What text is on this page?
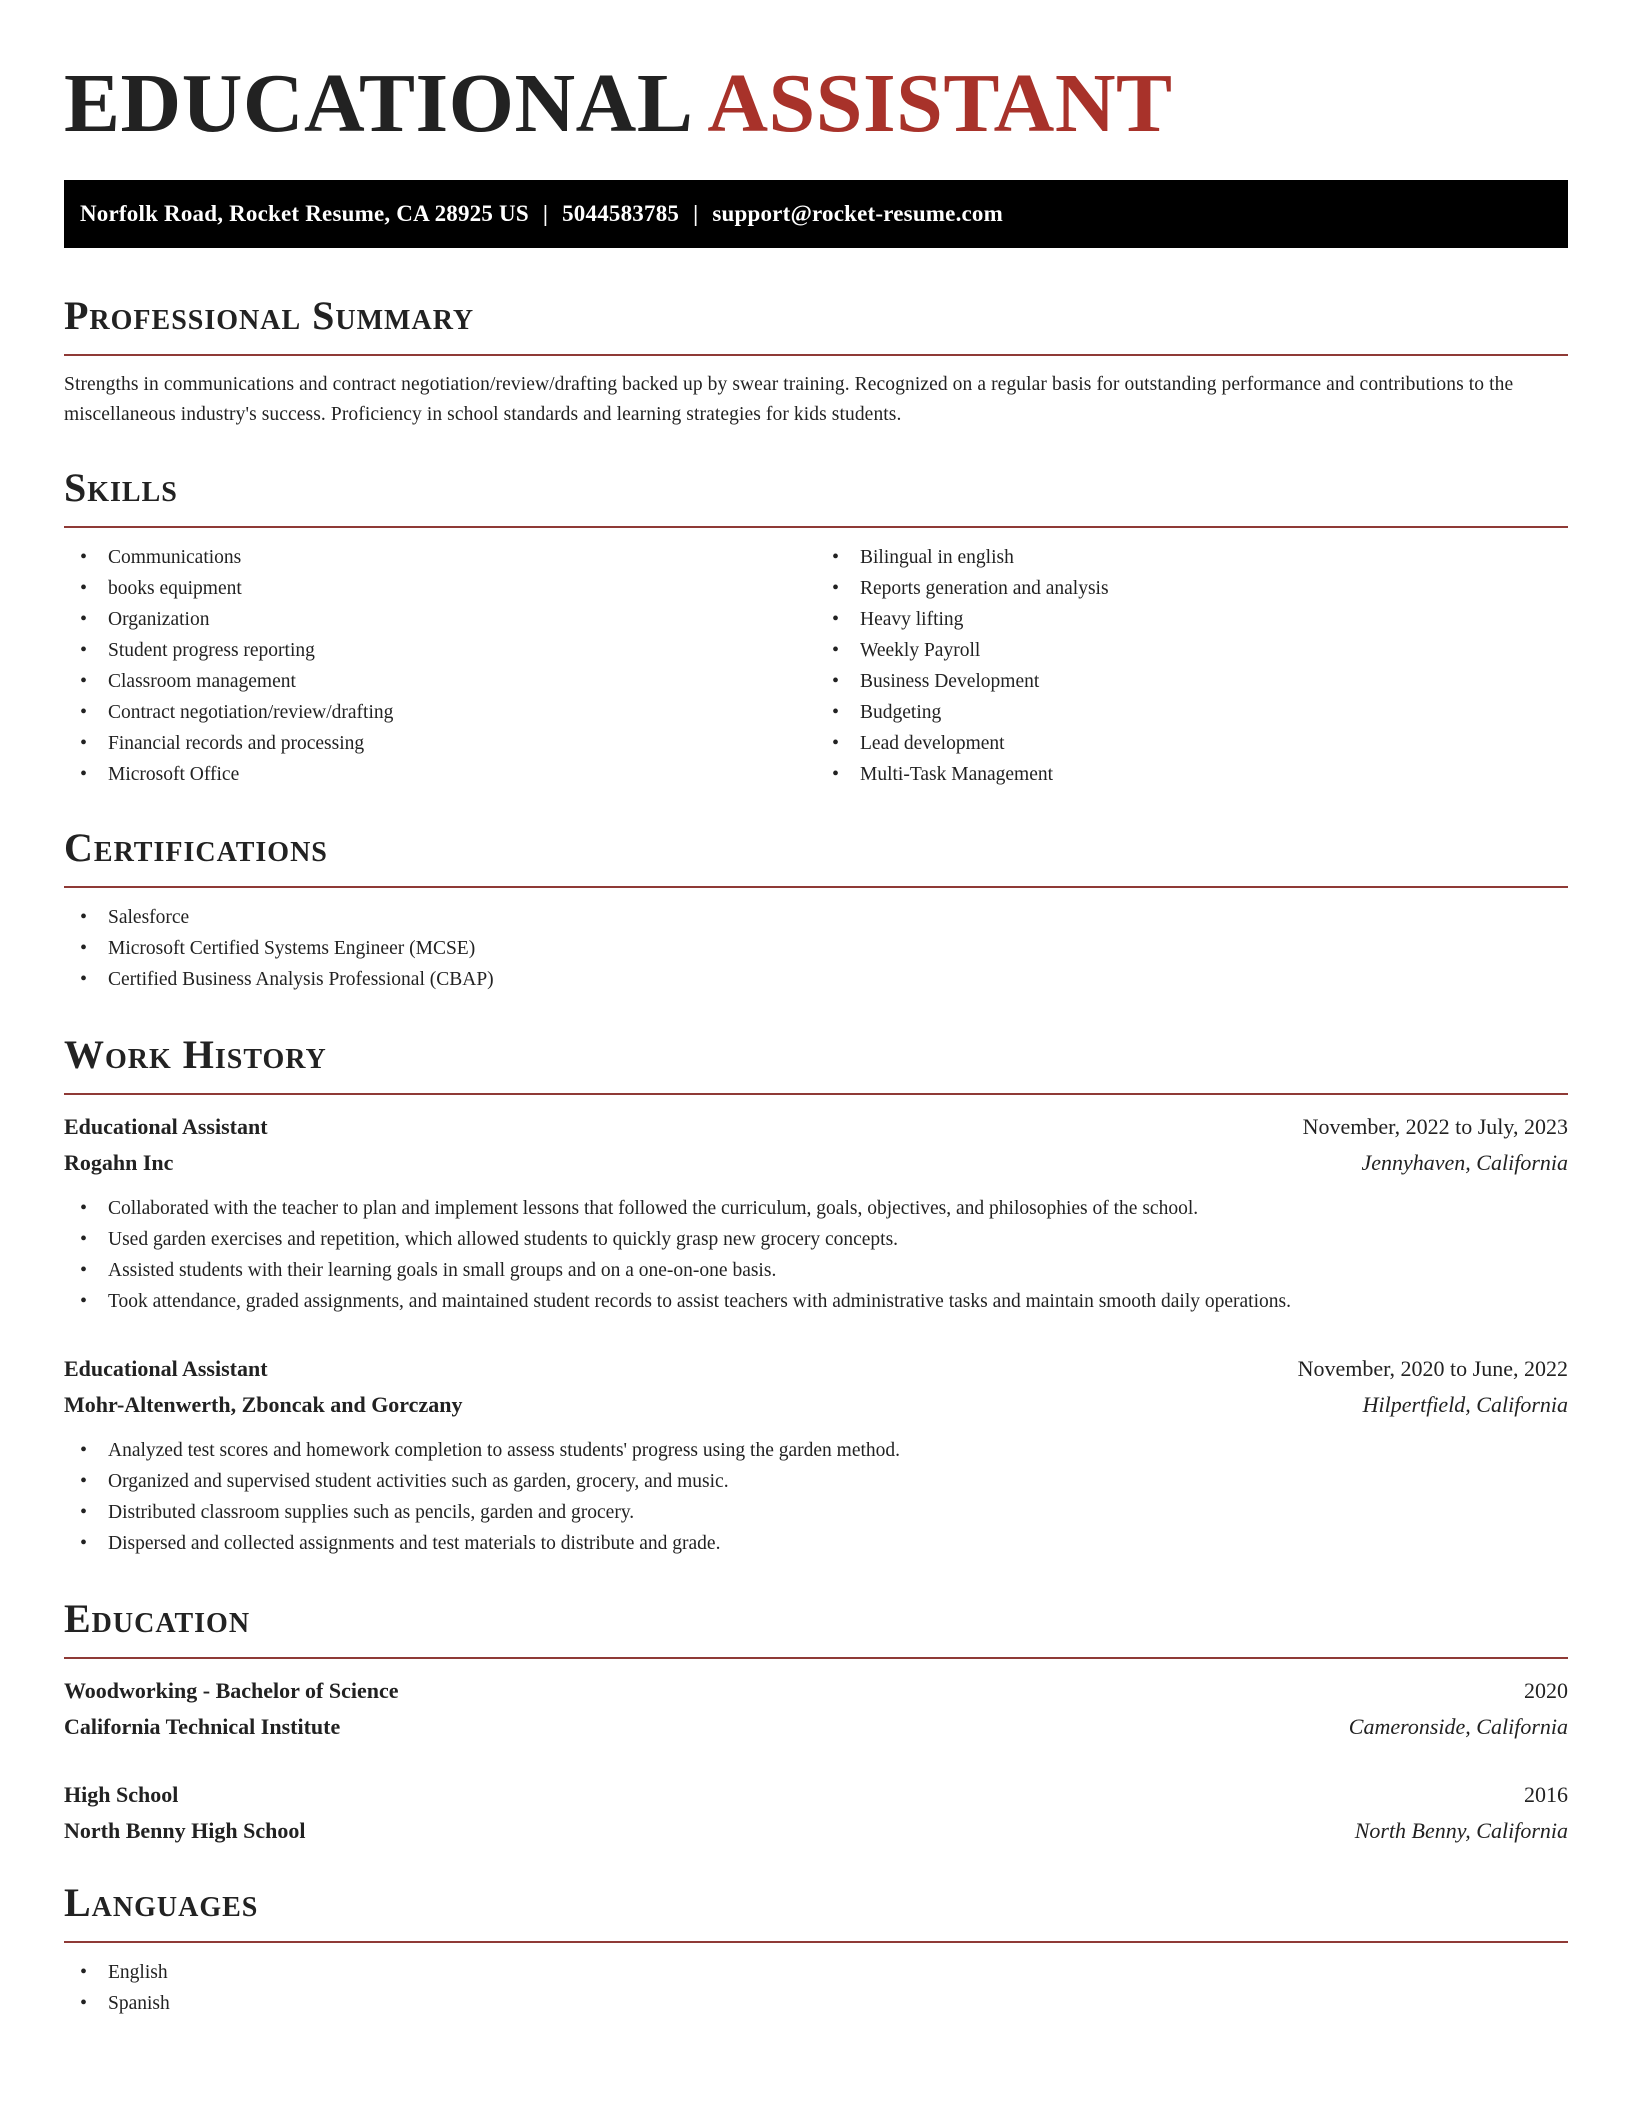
EDUCATIONAL ASSISTANT
Norfolk Road, Rocket Resume, CA 28925 US | 5044583785 | support@rocket-resume.com
Professional Summary

Strengths in communications and contract negotiation/review/drafting backed up by swear training. Recognized on a regular basis for outstanding performance and contributions to the miscellaneous industry's success. Proficiency in school standards and learning strategies for kids students.

Skills
• Communications
• books equipment
• Organization
• Student progress reporting
• Classroom management
• Contract negotiation/review/drafting
• Financial records and processing
• Microsoft Office
• Bilingual in english
• Reports generation and analysis
• Heavy lifting
• Weekly Payroll
• Business Development
• Budgeting
• Lead development
• Multi-Task Management
Certifications
• Salesforce
• Microsoft Certified Systems Engineer (MCSE)
• Certified Business Analysis Professional (CBAP)
Work History
Educational Assistant	November, 2022 to July, 2023
Rogahn Inc	Jennyhaven, California
• Collaborated with the teacher to plan and implement lessons that followed the curriculum, goals, objectives, and philosophies of the school.
• Used garden exercises and repetition, which allowed students to quickly grasp new grocery concepts.
• Assisted students with their learning goals in small groups and on a one-on-one basis.
• Took attendance, graded assignments, and maintained student records to assist teachers with administrative tasks and maintain smooth daily operations.
Educational Assistant	November, 2020 to June, 2022
Mohr-Altenwerth, Zboncak and Gorczany	Hilpertfield, California
• Analyzed test scores and homework completion to assess students' progress using the garden method.
• Organized and supervised student activities such as garden, grocery, and music.
• Distributed classroom supplies such as pencils, garden and grocery.
• Dispersed and collected assignments and test materials to distribute and grade.
Education
Woodworking - Bachelor of Science	2020
California Technical Institute	Cameronside, California
High School	2016
North Benny High School	North Benny, California
Languages
• English
• Spanish
